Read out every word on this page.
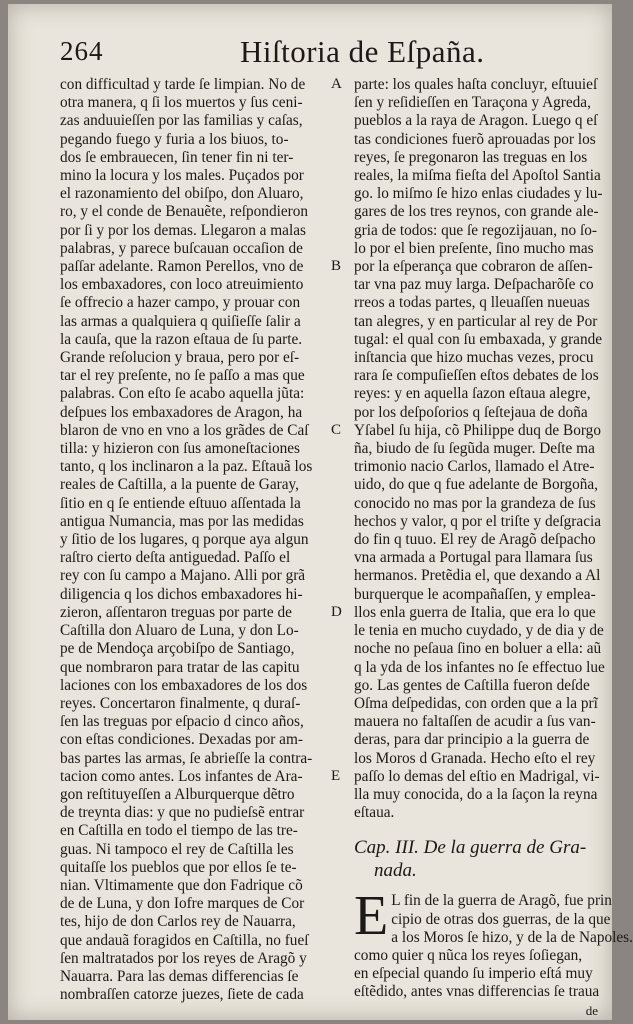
264	Hiſtoria de Eſpaña.
con difficultad y tarde ſe limpian. No de
otra manera, q ſi los muertos y ſus ceni-
zas anduuieſſen por las familias y caſas,
pegando fuego y furia a los biuos, to-
dos ſe embrauecen, ſin tener fin ni ter-
mino la locura y los males. Puçados por
el razonamiento del obiſpo, don Aluaro,
ro, y el conde de Benauẽte, reſpondieron
por ſi y por los demas. Llegaron a malas
palabras, y parece buſcauan occaſion de
paſſar adelante. Ramon Perellos, vno de
los embaxadores, con loco atreuimiento
ſe offrecio a hazer campo, y prouar con
las armas a qualquiera q quiſieſſe ſalir a
la cauſa, que la razon eſtaua de ſu parte.
Grande reſolucion y braua, pero por eſ-
tar el rey preſente, no ſe paſſo a mas que
palabras. Con eſto ſe acabo aquella jũta:
deſpues los embaxadores de Aragon, ha
blaron de vno en vno a los grãdes de Caſ
tilla: y hizieron con ſus amoneſtaciones
tanto, q los inclinaron a la paz. Eſtauã los
reales de Caſtilla, a la puente de Garay,
ſitio en q ſe entiende eſtuuo aſſentada la
antigua Numancia, mas por las medidas
y ſitio de los lugares, q porque aya algun
raſtro cierto deſta antiguedad. Paſſo el
rey con ſu campo a Majano. Alli por grã
diligencia q los dichos embaxadores hi-
zieron, aſſentaron treguas por parte de
Caſtilla don Aluaro de Luna, y don Lo-
pe de Mendoça arçobiſpo de Santiago,
que nombraron para tratar de las capitu
laciones con los embaxadores de los dos
reyes. Concertaron finalmente, q duraſ-
ſen las treguas por eſpacio d cinco años,
con eſtas condiciones. Dexadas por am-
bas partes las armas, ſe abrieſſe la contra-
tacion como antes. Los infantes de Ara-
gon reſtituyeſſen a Alburquerque dẽtro
de treynta dias: y que no pudieſsẽ entrar
en Caſtilla en todo el tiempo de las tre-
guas. Ni tampoco el rey de Caſtilla les
quitaſſe los pueblos que por ellos ſe te-
nian. Vltimamente que don Fadrique cõ
de de Luna, y don Iofre marques de Cor
tes, hijo de don Carlos rey de Nauarra,
que andauã foragidos en Caſtilla, no fueſ
ſen maltratados por los reyes de Aragõ y
Nauarra. Para las demas differencias ſe
nombraſſen catorze juezes, ſiete de cada
A
B
C
D
E
parte: los quales haſta concluyr, eſtuuieſ
ſen y reſidieſſen en Taraçona y Agreda,
pueblos a la raya de Aragon. Luego q eſ
tas condiciones fuerõ aprouadas por los
reyes, ſe pregonaron las treguas en los
reales, la miſma fieſta del Apoſtol Santia
go. lo miſmo ſe hizo enlas ciudades y lu-
gares de los tres reynos, con grande ale-
gria de todos: que ſe regozijauan, no ſo-
lo por el bien preſente, ſino mucho mas
por la eſperança que cobraron de aſſen-
tar vna paz muy larga. Deſpacharõſe co
rreos a todas partes, q lleuaſſen nueuas
tan alegres, y en particular al rey de Por
tugal: el qual con ſu embaxada, y grande
inſtancia que hizo muchas vezes, procu
rara ſe compuſieſſen eſtos debates de los
reyes: y en aquella ſazon eſtaua alegre,
por los deſpoſorios q ſeſtejaua de doña
Yſabel ſu hija, cõ Philippe duq de Borgo
ña, biudo de ſu ſegũda muger. Deſte ma
trimonio nacio Carlos, llamado el Atre-
uido, do que q fue adelante de Borgoña,
conocido no mas por la grandeza de ſus
hechos y valor, q por el triſte y deſgracia
do fin q tuuo. El rey de Aragõ deſpacho
vna armada a Portugal para llamara ſus
hermanos. Pretẽdia el, que dexando a Al
burquerque le acompañaſſen, y emplea-
llos enla guerra de Italia, que era lo que
le tenia en mucho cuydado, y de dia y de
noche no peſaua ſino en boluer a ella: aũ
q la yda de los infantes no ſe effectuo lue
go. Las gentes de Caſtilla fueron deſde
Oſma deſpedidas, con orden que a la prĩ
mauera no faltaſſen de acudir a ſus van-
deras, para dar principio a la guerra de
los Moros d Granada. Hecho eſto el rey
paſſo lo demas del eſtio en Madrigal, vi-
lla muy conocida, do a la ſaçon la reyna
eſtaua.
Cap. III. De la guerra de Gra-
nada.
E L fin de la guerra de Aragõ, fue prin
cipio de otras dos guerras, de la que
a los Moros ſe hizo, y de la de Napoles.
como quier q nũca los reyes ſoſiegan,
en eſpecial quando ſu imperio eſtá muy
eſtẽdido, antes vnas differencias ſe traua
de
